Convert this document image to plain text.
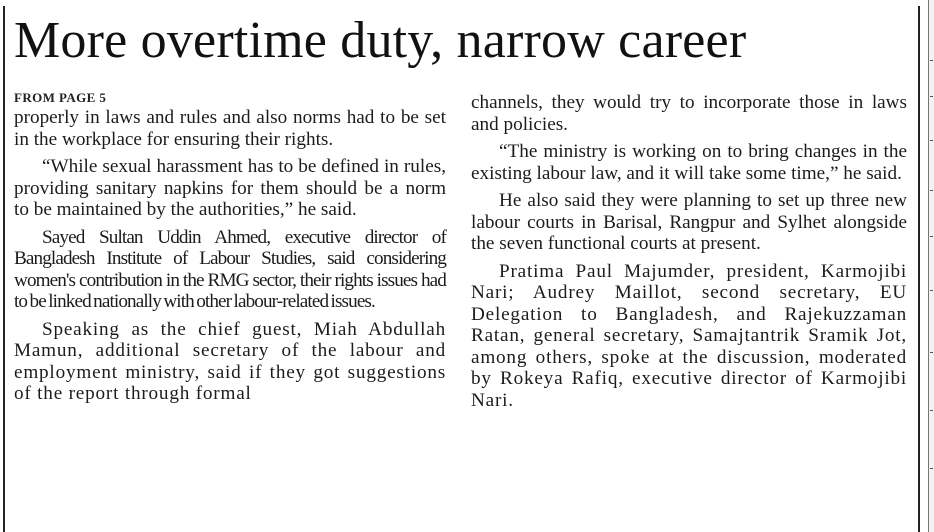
More overtime duty, narrow career
FROM PAGE 5

properly in laws and rules and also norms had to be set in the workplace for ensuring their rights.

“While sexual harassment has to be defined in rules, providing sanitary napkins for them should be a norm to be maintained by the authorities,” he said.

Sayed Sultan Uddin Ahmed, executive director of Bangladesh Institute of Labour Studies, said considering women's contribution in the RMG sector, their rights issues had to be linked nationally with other labour-related issues.

Speaking as the chief guest, Miah Abdullah Mamun, additional secretary of the labour and employment ministry, said if they got suggestions of the report through formal

channels, they would try to incorporate those in laws and policies.

“The ministry is working on to bring changes in the existing labour law, and it will take some time,” he said.

He also said they were planning to set up three new labour courts in Barisal, Rangpur and Sylhet alongside the seven functional courts at present.

Pratima Paul Majumder, president, Karmojibi Nari; Audrey Maillot, second secretary, EU Delegation to Bangladesh, and Rajekuzzaman Ratan, general secretary, Samajtantrik Sramik Jot, among others, spoke at the discussion, moderated by Rokeya Rafiq, executive director of Karmojibi Nari.
